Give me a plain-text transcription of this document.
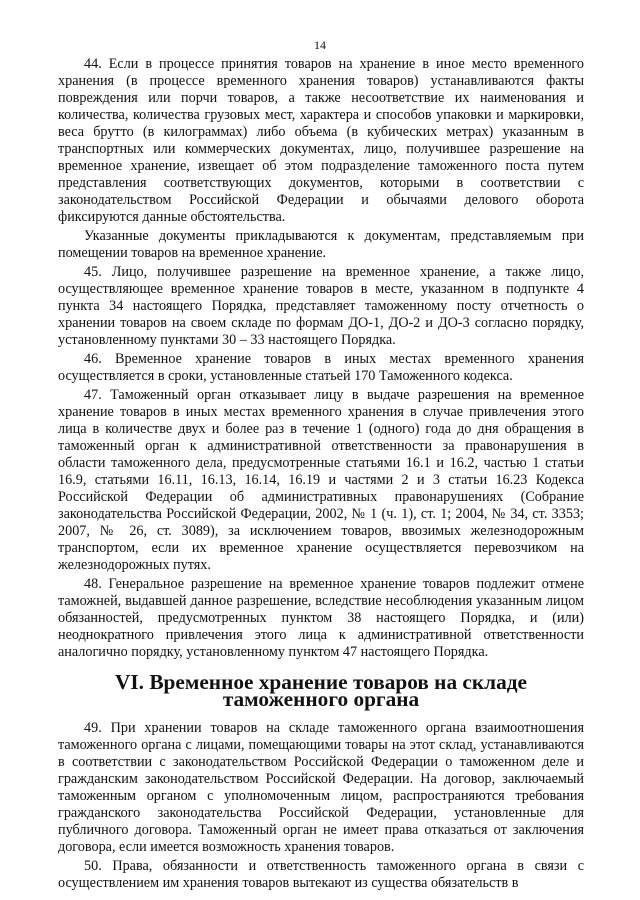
14

44. Если в процессе принятия товаров на хранение в иное место временного хранения (в процессе временного хранения товаров) устанавливаются факты повреждения или порчи товаров, а также несоответствие их наименования и количества, количества грузовых мест, характера и способов упаковки и маркировки, веса брутто (в килограммах) либо объема (в кубических метрах) указанным в транспортных или коммерческих документах, лицо, получившее разрешение на временное хранение, извещает об этом подразделение таможенного поста путем представления соответствующих документов, которыми в соответствии с законодательством Российской Федерации и обычаями делового оборота фиксируются данные обстоятельства.

Указанные документы прикладываются к документам, представляемым при помещении товаров на временное хранение.

45. Лицо, получившее разрешение на временное хранение, а также лицо, осуществляющее временное хранение товаров в месте, указанном в подпункте 4 пункта 34 настоящего Порядка, представляет таможенному посту отчетность о хранении товаров на своем складе по формам ДО-1, ДО-2 и ДО-3 согласно порядку, установленному пунктами 30 – 33 настоящего Порядка.

46. Временное хранение товаров в иных местах временного хранения осуществляется в сроки, установленные статьей 170 Таможенного кодекса.

47. Таможенный орган отказывает лицу в выдаче разрешения на временное хранение товаров в иных местах временного хранения в случае привлечения этого лица в количестве двух и более раз в течение 1 (одного) года до дня обращения в таможенный орган к административной ответственности за правонарушения в области таможенного дела, предусмотренные статьями 16.1 и 16.2, частью 1 статьи 16.9, статьями 16.11, 16.13, 16.14, 16.19 и частями 2 и 3 статьи 16.23 Кодекса Российской Федерации об административных правонарушениях (Собрание законодательства Российской Федерации, 2002, № 1 (ч. 1), ст. 1; 2004, № 34, ст. 3353; 2007, № 26, ст. 3089), за исключением товаров, ввозимых железнодорожным транспортом, если их временное хранение осуществляется перевозчиком на железнодорожных путях.

48. Генеральное разрешение на временное хранение товаров подлежит отмене таможней, выдавшей данное разрешение, вследствие несоблюдения указанным лицом обязанностей, предусмотренных пунктом 38 настоящего Порядка, и (или) неоднократного привлечения этого лица к административной ответственности аналогично порядку, установленному пунктом 47 настоящего Порядка.

VI. Временное хранение товаров на складе таможенного органа

49. При хранении товаров на складе таможенного органа взаимоотношения таможенного органа с лицами, помещающими товары на этот склад, устанавливаются в соответствии с законодательством Российской Федерации о таможенном деле и гражданским законодательством Российской Федерации. На договор, заключаемый таможенным органом с уполномоченным лицом, распространяются требования гражданского законодательства Российской Федерации, установленные для публичного договора. Таможенный орган не имеет права отказаться от заключения договора, если имеется возможность хранения товаров.

50. Права, обязанности и ответственность таможенного органа в связи с осуществлением им хранения товаров вытекают из существа обязательств в
